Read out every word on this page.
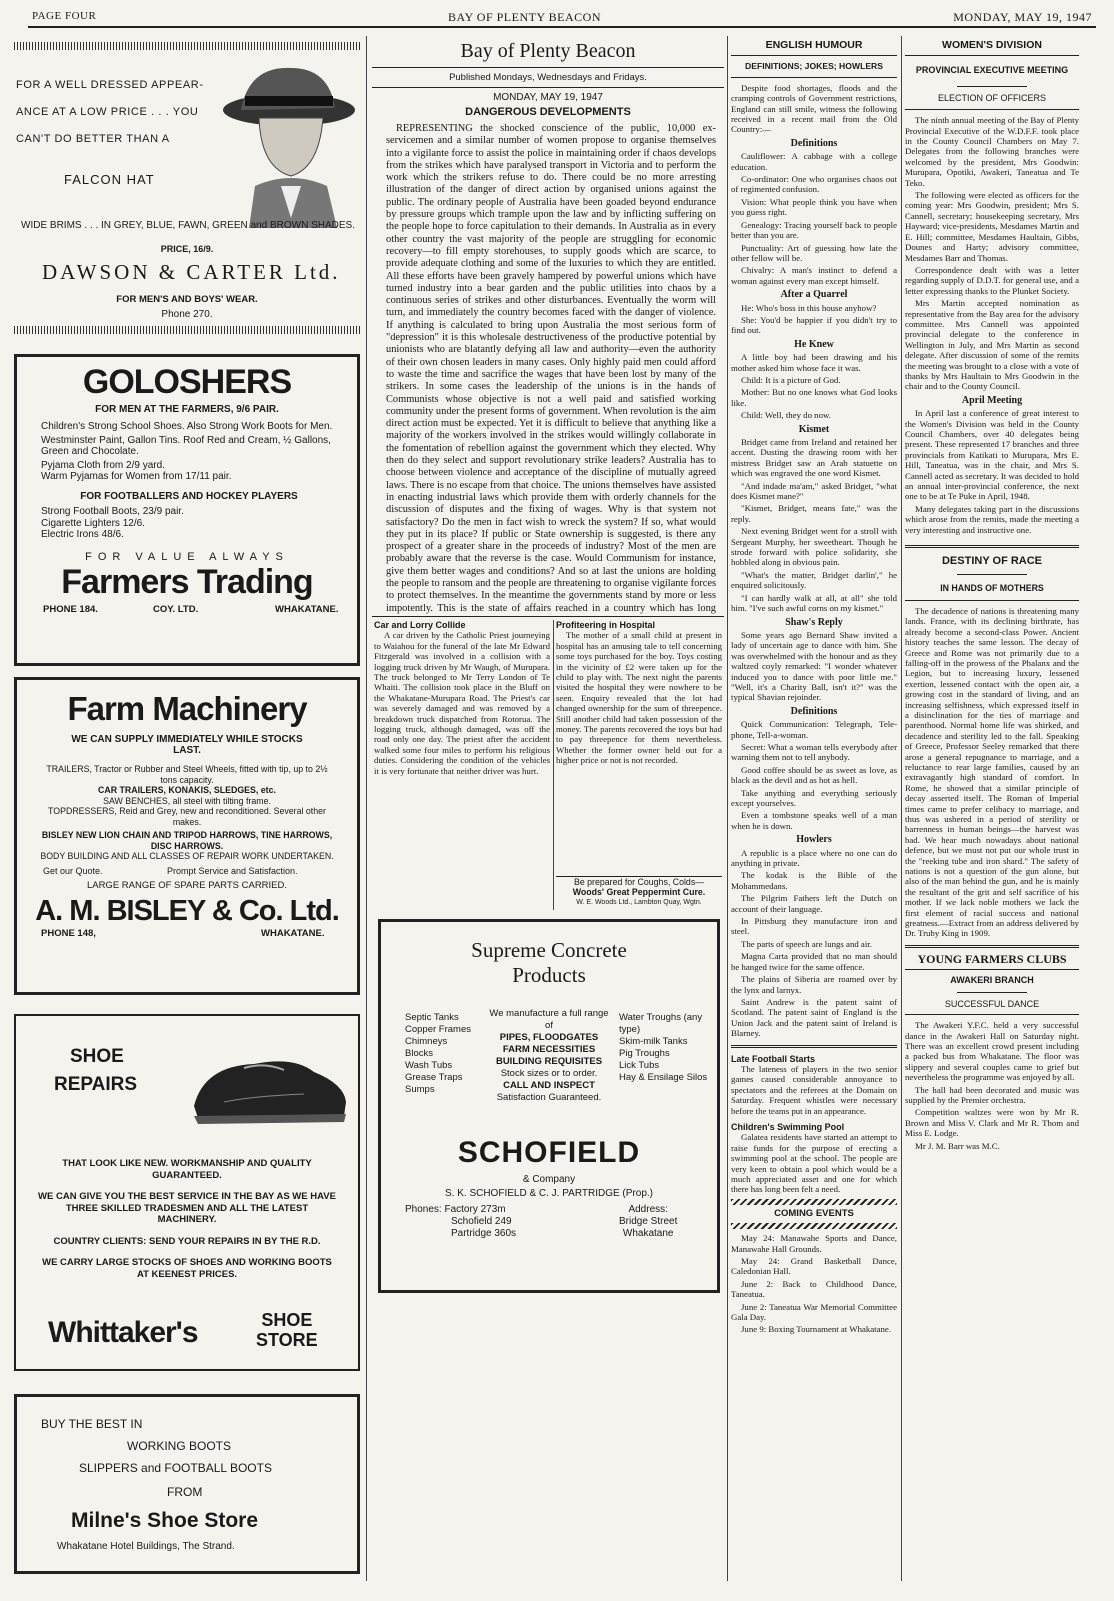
PAGE FOUR	BAY OF PLENTY BEACON	MONDAY, MAY 19, 1947
FOR A WELL DRESSED APPEAR-
ANCE AT A LOW PRICE . . . YOU
CAN'T DO BETTER THAN A
FALCON HAT
WIDE BRIMS . . . IN GREY, BLUE, FAWN, GREEN and BROWN SHADES.
PRICE, 16/9.
DAWSON & CARTER Ltd.
FOR MEN'S AND BOYS' WEAR.
Phone 270.
GOLOSHERS
FOR MEN AT THE FARMERS, 9/6 PAIR.
Children's Strong School Shoes. Also Strong Work Boots for Men.
Westminster Paint, Gallon Tins. Roof Red and Cream, ½ Gallons, Green and Chocolate.
Pyjama Cloth from 2/9 yard.
Warm Pyjamas for Women from 17/11 pair.
FOR FOOTBALLERS AND HOCKEY PLAYERS
Strong Football Boots, 23/9 pair.
Cigarette Lighters 12/6.
Electric Irons 48/6.
FOR VALUE ALWAYS
Farmers Trading
PHONE 184.	COY. LTD.	WHAKATANE.
Farm Machinery
WE CAN SUPPLY IMMEDIATELY WHILE STOCKS LAST.
TRAILERS, Tractor or Rubber and Steel Wheels, fitted with tip, up to 2½ tons capacity.
CAR TRAILERS, KONAKIS, SLEDGES, etc.
SAW BENCHES, all steel with tilting frame.
TOPDRESSERS, Reid and Grey, new and reconditioned. Several other makes.
BISLEY NEW LION CHAIN AND TRIPOD HARROWS, TINE HARROWS, DISC HARROWS.
BODY BUILDING AND ALL CLASSES OF REPAIR WORK UNDERTAKEN.
Get our Quote.	Prompt Service and Satisfaction.
LARGE RANGE OF SPARE PARTS CARRIED.
A. M. BISLEY & Co. Ltd.
PHONE 148,	WHAKATANE.
SHOE
REPAIRS
THAT LOOK LIKE NEW. WORKMANSHIP AND QUALITY GUARANTEED.
WE CAN GIVE YOU THE BEST SERVICE IN THE BAY AS WE HAVE THREE SKILLED TRADESMEN AND ALL THE LATEST MACHINERY.
COUNTRY CLIENTS: SEND YOUR REPAIRS IN BY THE R.D.
WE CARRY LARGE STOCKS OF SHOES AND WORKING BOOTS AT KEENEST PRICES.
Whittaker's	SHOE
STORE
BUY THE BEST IN
WORKING BOOTS
SLIPPERS and FOOTBALL BOOTS
FROM
Milne's Shoe Store
Whakatane Hotel Buildings, The Strand.
Bay of Plenty Beacon
Published Mondays, Wednesdays and Fridays.
MONDAY, MAY 19, 1947
DANGEROUS DEVELOPMENTS

REPRESENTING the shocked conscience of the public, 10,000 ex-servicemen and a similar number of women propose to organise themselves into a vigilante force to assist the police in maintaining order if chaos develops from the strikes which have paralysed transport in Victoria and to perform the work which the strikers refuse to do. There could be no more arresting illustration of the danger of direct action by organised unions against the public. The ordinary people of Australia have been goaded beyond endurance by pressure groups which trample upon the law and by inflicting suffering on the people hope to force capitulation to their demands. In Australia as in every other country the vast majority of the people are struggling for economic recovery—to fill empty storehouses, to supply goods which are scarce, to provide adequate clothing and some of the luxuries to which they are entitled. All these efforts have been gravely hampered by powerful unions which have turned industry into a bear garden and the public utilities into chaos by a continuous series of strikes and other disturbances. Eventually the worm will turn, and immediately the country becomes faced with the danger of violence. If anything is calculated to bring upon Australia the most serious form of "depression" it is this wholesale destructiveness of the productive potential by unionists who are blatantly defying all law and authority—even the authority of their own chosen leaders in many cases. Only highly paid men could afford to waste the time and sacrifice the wages that have been lost by many of the strikers. In some cases the leadership of the unions is in the hands of Communists whose objective is not a well paid and satisfied working community under the present forms of government. When revolution is the aim direct action must be expected. Yet it is difficult to believe that anything like a majority of the workers involved in the strikes would willingly collaborate in the fomentation of rebellion against the government which they elected. Why then do they select and support revolutionary strike leaders? Australia has to choose between violence and acceptance of the discipline of mutually agreed laws. There is no escape from that choice. The unions themselves have assisted in enacting industrial laws which provide them with orderly channels for the discussion of disputes and the fixing of wages. Why is that system not satisfactory? Do the men in fact wish to wreck the system? If so, what would they put in its place? If public or State ownership is suggested, is there any prospect of a greater share in the proceeds of industry? Most of the men are probably aware that the reverse is the case. Would Communism for instance, give them better wages and conditions? And so at last the unions are holding the people to ransom and the people are threatening to organise vigilante forces to protect themselves. In the meantime the governments stand by more or less impotently. This is the state of affairs reached in a country which has long

Car and Lorry Collide

A car driven by the Catholic Priest journeying to Waiahou for the funeral of the late Mr Edward Fitzgerald was involved in a collision with a logging truck driven by Mr Waugh, of Murupara. The truck belonged to Mr Terry London of Te Whaiti. The collision took place in the Bluff on the Whakatane-Murupara Road. The Priest's car was severely damaged and was removed by a breakdown truck dispatched from Rotorua. The logging truck, although damaged, was off the road only one day. The priest after the accident walked some four miles to perform his religious duties. Considering the condition of the vehicles it is very fortunate that neither driver was hurt.

Profiteering in Hospital

The mother of a small child at present in hospital has an amusing tale to tell concerning some toys purchased for the boy. Toys costing in the vicinity of £2 were taken up for the child to play with. The next night the parents visited the hospital they were nowhere to be seen. Enquiry revealed that the lot had changed ownership for the sum of threepence. Still another child had taken possession of the money. The parents recovered the toys but had to pay threepence for them nevertheless. Whether the former owner held out for a higher price or not is not recorded.

Be prepared for Coughs, Colds—
Woods' Great Peppermint Cure.
W. E. Woods Ltd., Lambton Quay, Wgtn.
Supreme Concrete
Products
Septic Tanks
Copper Frames
Chimneys
Blocks
Wash Tubs
Grease Traps
Sumps
We manufacture a full range of
PIPES, FLOODGATES
FARM NECESSITIES
BUILDING REQUISITES
Stock sizes or to order.
CALL AND INSPECT
Satisfaction Guaranteed.
Water Troughs (any type)
Skim-milk Tanks
Pig Troughs
Lick Tubs
Hay & Ensilage Silos
SCHOFIELD
& Company
S. K. SCHOFIELD & C. J. PARTRIDGE (Prop.)
Phones: Factory 273m
Schofield 249
Partridge 360s
Address:
Bridge Street
Whakatane
ENGLISH HUMOUR
DEFINITIONS; JOKES; HOWLERS

Despite food shortages, floods and the cramping controls of Government restrictions, England can still smile, witness the following received in a recent mail from the Old Country:—

Definitions

Cauliflower: A cabbage with a college education.

Co-ordinator: One who organises chaos out of regimented confusion.

Vision: What people think you have when you guess right.

Genealogy: Tracing yourself back to people better than you are.

Punctuality: Art of guessing how late the other fellow will be.

Chivalry: A man's instinct to defend a woman against every man except himself.

After a Quarrel

He: Who's boss in this house anyhow?

She: You'd be happier if you didn't try to find out.

He Knew

A little boy had been drawing and his mother asked him whose face it was.

Child: It is a picture of God.

Mother: But no one knows what God looks like.

Child: Well, they do now.

Kismet

Bridget came from Ireland and retained her accent. Dusting the drawing room with her mistress Bridget saw an Arab statuette on which was engraved the one word Kismet.

"And indade ma'am," asked Bridget, "what does Kismet mane?"

"Kismet, Bridget, means fate," was the reply.

Next evening Bridget went for a stroll with Sergeant Murphy, her sweetheart. Though he strode forward with police solidarity, she hobbled along in obvious pain.

"What's the matter, Bridget darlin'," he enquired solicitously.

"I can hardly walk at all, at all" she told him. "I've such awful corns on my kismet."

Shaw's Reply

Some years ago Bernard Shaw invited a lady of uncertain age to dance with him. She was overwhelmed with the honour and as they waltzed coyly remarked: "I wonder whatever induced you to dance with poor little me." "Well, it's a Charity Ball, isn't it?" was the typical Shavian rejoinder.

Definitions

Quick Communication: Telegraph, Tele-phone, Tell-a-woman.

Secret: What a woman tells everybody after warning them not to tell anybody.

Good coffee should be as sweet as love, as black as the devil and as hot as hell.

Take anything and everything seriously except yourselves.

Even a tombstone speaks well of a man when he is down.

Howlers

A republic is a place where no one can do anything in private.

The kodak is the Bible of the Mohammedans.

The Pilgrim Fathers left the Dutch on account of their language.

In Pittsburg they manufacture iron and steel.

The parts of speech are lungs and air.

Magna Carta provided that no man should be hanged twice for the same offence.

The plains of Siberia are roamed over by the lynx and larnyx.

Saint Andrew is the patent saint of Scotland. The patent saint of England is the Union Jack and the patent saint of Ireland is Blarney.

Late Football Starts

The lateness of players in the two senior games caused considerable annoyance to spectators and the referees at the Domain on Saturday. Frequent whistles were necessary before the teams put in an appearance.

Children's Swimming Pool

Galatea residents have started an attempt to raise funds for the purpose of erecting a swimming pool at the school. The people are very keen to obtain a pool which would be a much appreciated asset and one for which there has long been felt a need.

COMING EVENTS

May 24: Manawahe Sports and Dance, Manawahe Hall Grounds.

May 24: Grand Basketball Dance, Caledonian Hall.

June 2: Back to Childhood Dance, Taneatua.

June 2: Taneatua War Memorial Committee Gala Day.

June 9: Boxing Tournament at Whakatane.

WOMEN'S DIVISION
PROVINCIAL EXECUTIVE MEETING
ELECTION OF OFFICERS

The ninth annual meeting of the Bay of Plenty Provincial Executive of the W.D.F.F. took place in the County Council Chambers on May 7. Delegates from the following branches were welcomed by the president, Mrs Goodwin: Murupara, Opotiki, Awakeri, Taneatua and Te Teko.

The following were elected as officers for the coming year: Mrs Goodwin, president; Mrs S. Cannell, secretary; housekeeping secretary, Mrs Hayward; vice-presidents, Mesdames Martin and E. Hill; committee, Mesdames Haultain, Gibbs, Dounes and Harty; advisory committee, Mesdames Barr and Thomas.

Correspondence dealt with was a letter regarding supply of D.D.T. for general use, and a letter expressing thanks to the Plunket Society.

Mrs Martin accepted nomination as representative from the Bay area for the advisory committee. Mrs Cannell was appointed provincial delegate to the conference in Wellington in July, and Mrs Martin as second delegate. After discussion of some of the remits the meeting was brought to a close with a vote of thanks by Mrs Haultain to Mrs Goodwin in the chair and to the County Council.

April Meeting

In April last a conference of great interest to the Women's Division was held in the County Council Chambers, over 40 delegates being present. These represented 17 branches and three provincials from Katikati to Murupara, Mrs E. Hill, Taneatua, was in the chair, and Mrs S. Cannell acted as secretary. It was decided to hold an annual inter-provincial conference, the next one to be at Te Puke in April, 1948.

Many delegates taking part in the discussions which arose from the remits, made the meeting a very interesting and instructive one.

DESTINY OF RACE
IN HANDS OF MOTHERS

The decadence of nations is threatening many lands. France, with its declining birthrate, has already become a second-class Power. Ancient history teaches the same lesson. The decay of Greece and Rome was not primarily due to a falling-off in the prowess of the Phalanx and the Legion, but to increasing luxury, lessened exertion, lessened contact with the open air, a growing cost in the standard of living, and an increasing selfishness, which expressed itself in a disinclination for the ties of marriage and parenthood. Normal home life was shirked, and decadence and sterility led to the fall. Speaking of Greece, Professor Seeley remarked that there arose a general repugnance to marriage, and a reluctance to rear large families, caused by an extravagantly high standard of comfort. In Rome, he showed that a similar principle of decay asserted itself. The Roman of Imperial times came to prefer celibacy to marriage, and thus was ushered in a period of sterility or barrenness in human beings—the harvest was bad. We hear much nowadays about national defence, but we must not put our whole trust in the "reeking tube and iron shard." The safety of nations is not a question of the gun alone, but also of the man behind the gun, and he is mainly the resultant of the grit and self sacrifice of his mother. If we lack noble mothers we lack the first element of racial success and national greatness.—Extract from an address delivered by Dr. Truby King in 1909.

YOUNG FARMERS CLUBS
AWAKERI BRANCH
SUCCESSFUL DANCE

The Awakeri Y.F.C. held a very successful dance in the Awakeri Hall on Saturday night. There was an excellent crowd present including a packed bus from Whakatane. The floor was slippery and several couples came to grief but nevertheless the programme was enjoyed by all.

The hall had been decorated and music was supplied by the Premier orchestra.

Competition waltzes were won by Mr R. Brown and Miss V. Clark and Mr R. Thom and Miss E. Lodge.

Mr J. M. Barr was M.C.
